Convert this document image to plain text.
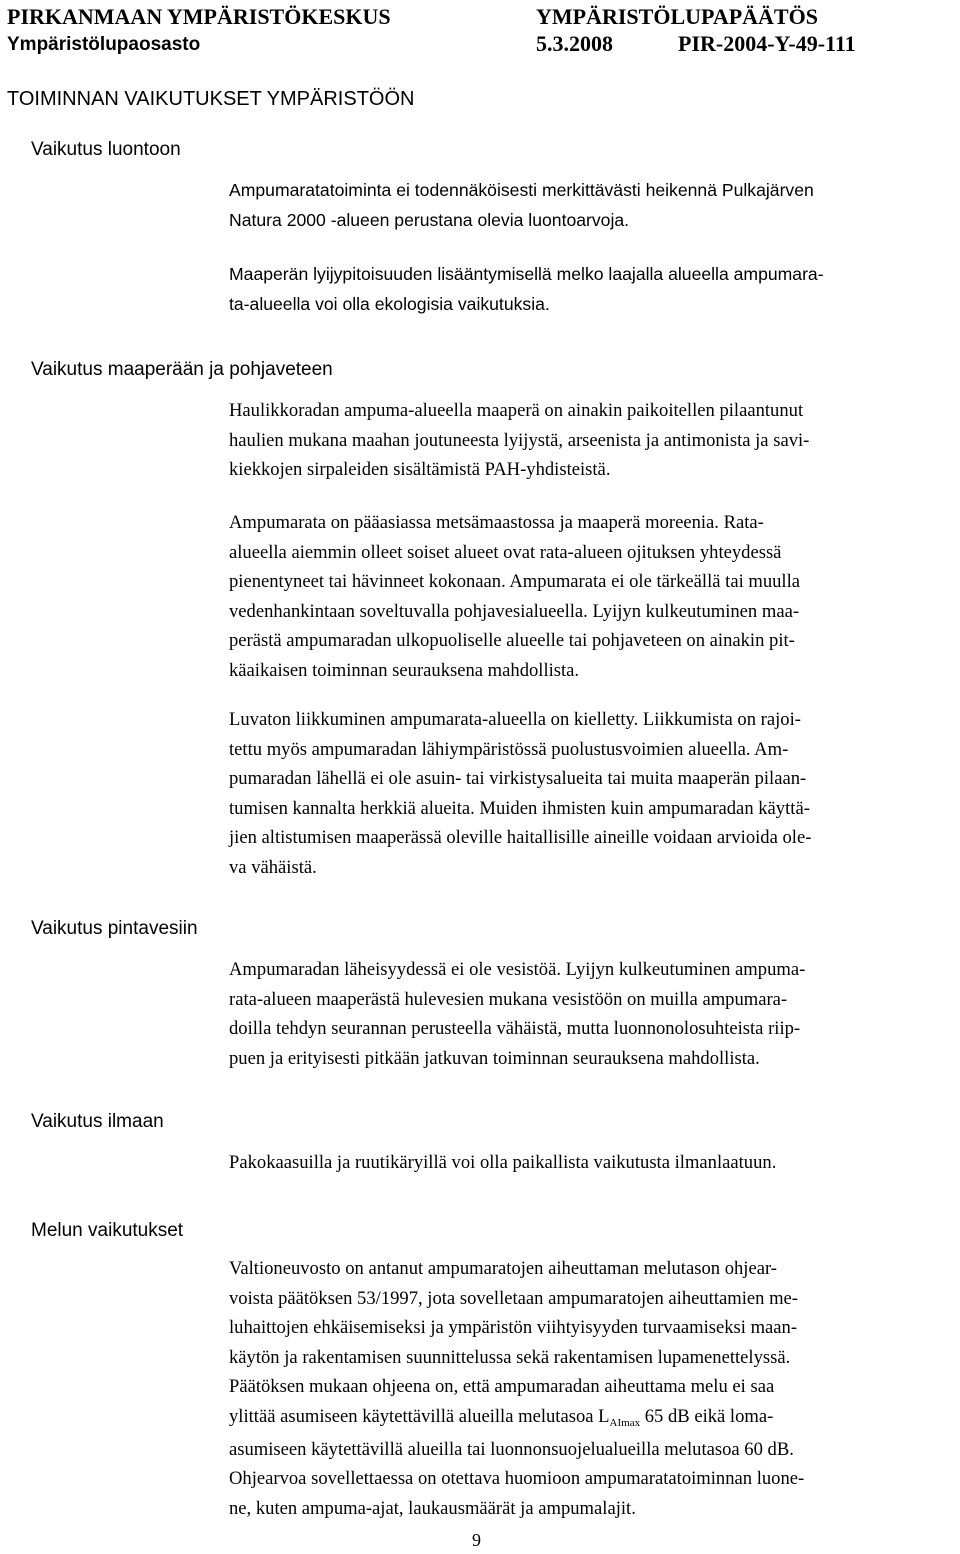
PIRKANMAAN YMPÄRISTÖKESKUS	YMPÄRISTÖLUPAPÄÄTÖS
Ympäristölupaosasto	5.3.2008	PIR-2004-Y-49-111
TOIMINNAN VAIKUTUKSET YMPÄRISTÖÖN
Vaikutus luontoon
Ampumaratatoiminta ei todennäköisesti merkittävästi heikennä Pulkajärven
Natura 2000 -alueen perustana olevia luontoarvoja.
Maaperän lyijypitoisuuden lisääntymisellä melko laajalla alueella ampumara-
ta-alueella voi olla ekologisia vaikutuksia.
Vaikutus maaperään ja pohjaveteen
Haulikkoradan ampuma-alueella maaperä on ainakin paikoitellen pilaantunut
haulien mukana maahan joutuneesta lyijystä, arseenista ja antimonista ja savi-
kiekkojen sirpaleiden sisältämistä PAH-yhdisteistä.
Ampumarata on pääasiassa metsämaastossa ja maaperä moreenia. Rata-
alueella aiemmin olleet soiset alueet ovat rata-alueen ojituksen yhteydessä
pienentyneet tai hävinneet kokonaan. Ampumarata ei ole tärkeällä tai muulla
vedenhankintaan soveltuvalla pohjavesialueella. Lyijyn kulkeutuminen maa-
perästä ampumaradan ulkopuoliselle alueelle tai pohjaveteen on ainakin pit-
käaikaisen toiminnan seurauksena mahdollista.
Luvaton liikkuminen ampumarata-alueella on kielletty. Liikkumista on rajoi-
tettu myös ampumaradan lähiympäristössä puolustusvoimien alueella. Am-
pumaradan lähellä ei ole asuin- tai virkistysalueita tai muita maaperän pilaan-
tumisen kannalta herkkiä alueita. Muiden ihmisten kuin ampumaradan käyttä-
jien altistumisen maaperässä oleville haitallisille aineille voidaan arvioida ole-
va vähäistä.
Vaikutus pintavesiin
Ampumaradan läheisyydessä ei ole vesistöä. Lyijyn kulkeutuminen ampuma-
rata-alueen maaperästä hulevesien mukana vesistöön on muilla ampumara-
doilla tehdyn seurannan perusteella vähäistä, mutta luonnonolosuhteista riip-
puen ja erityisesti pitkään jatkuvan toiminnan seurauksena mahdollista.
Vaikutus ilmaan
Pakokaasuilla ja ruutikäryillä voi olla paikallista vaikutusta ilmanlaatuun.
Melun vaikutukset
Valtioneuvosto on antanut ampumaratojen aiheuttaman melutason ohjear-
voista päätöksen 53/1997, jota sovelletaan ampumaratojen aiheuttamien me-
luhaittojen ehkäisemiseksi ja ympäristön viihtyisyyden turvaamiseksi maan-
käytön ja rakentamisen suunnittelussa sekä rakentamisen lupamenettelyssä.
Päätöksen mukaan ohjeena on, että ampumaradan aiheuttama melu ei saa
ylittää asumiseen käytettävillä alueilla melutasoa $L_{AImax}$ 65 dB eikä loma-
asumiseen käytettävillä alueilla tai luonnonsuojelualueilla melutasoa 60 dB.
Ohjearvoa sovellettaessa on otettava huomioon ampumaratatoiminnan luone-
ne, kuten ampuma-ajat, laukausmäärät ja ampumalajit.
9
